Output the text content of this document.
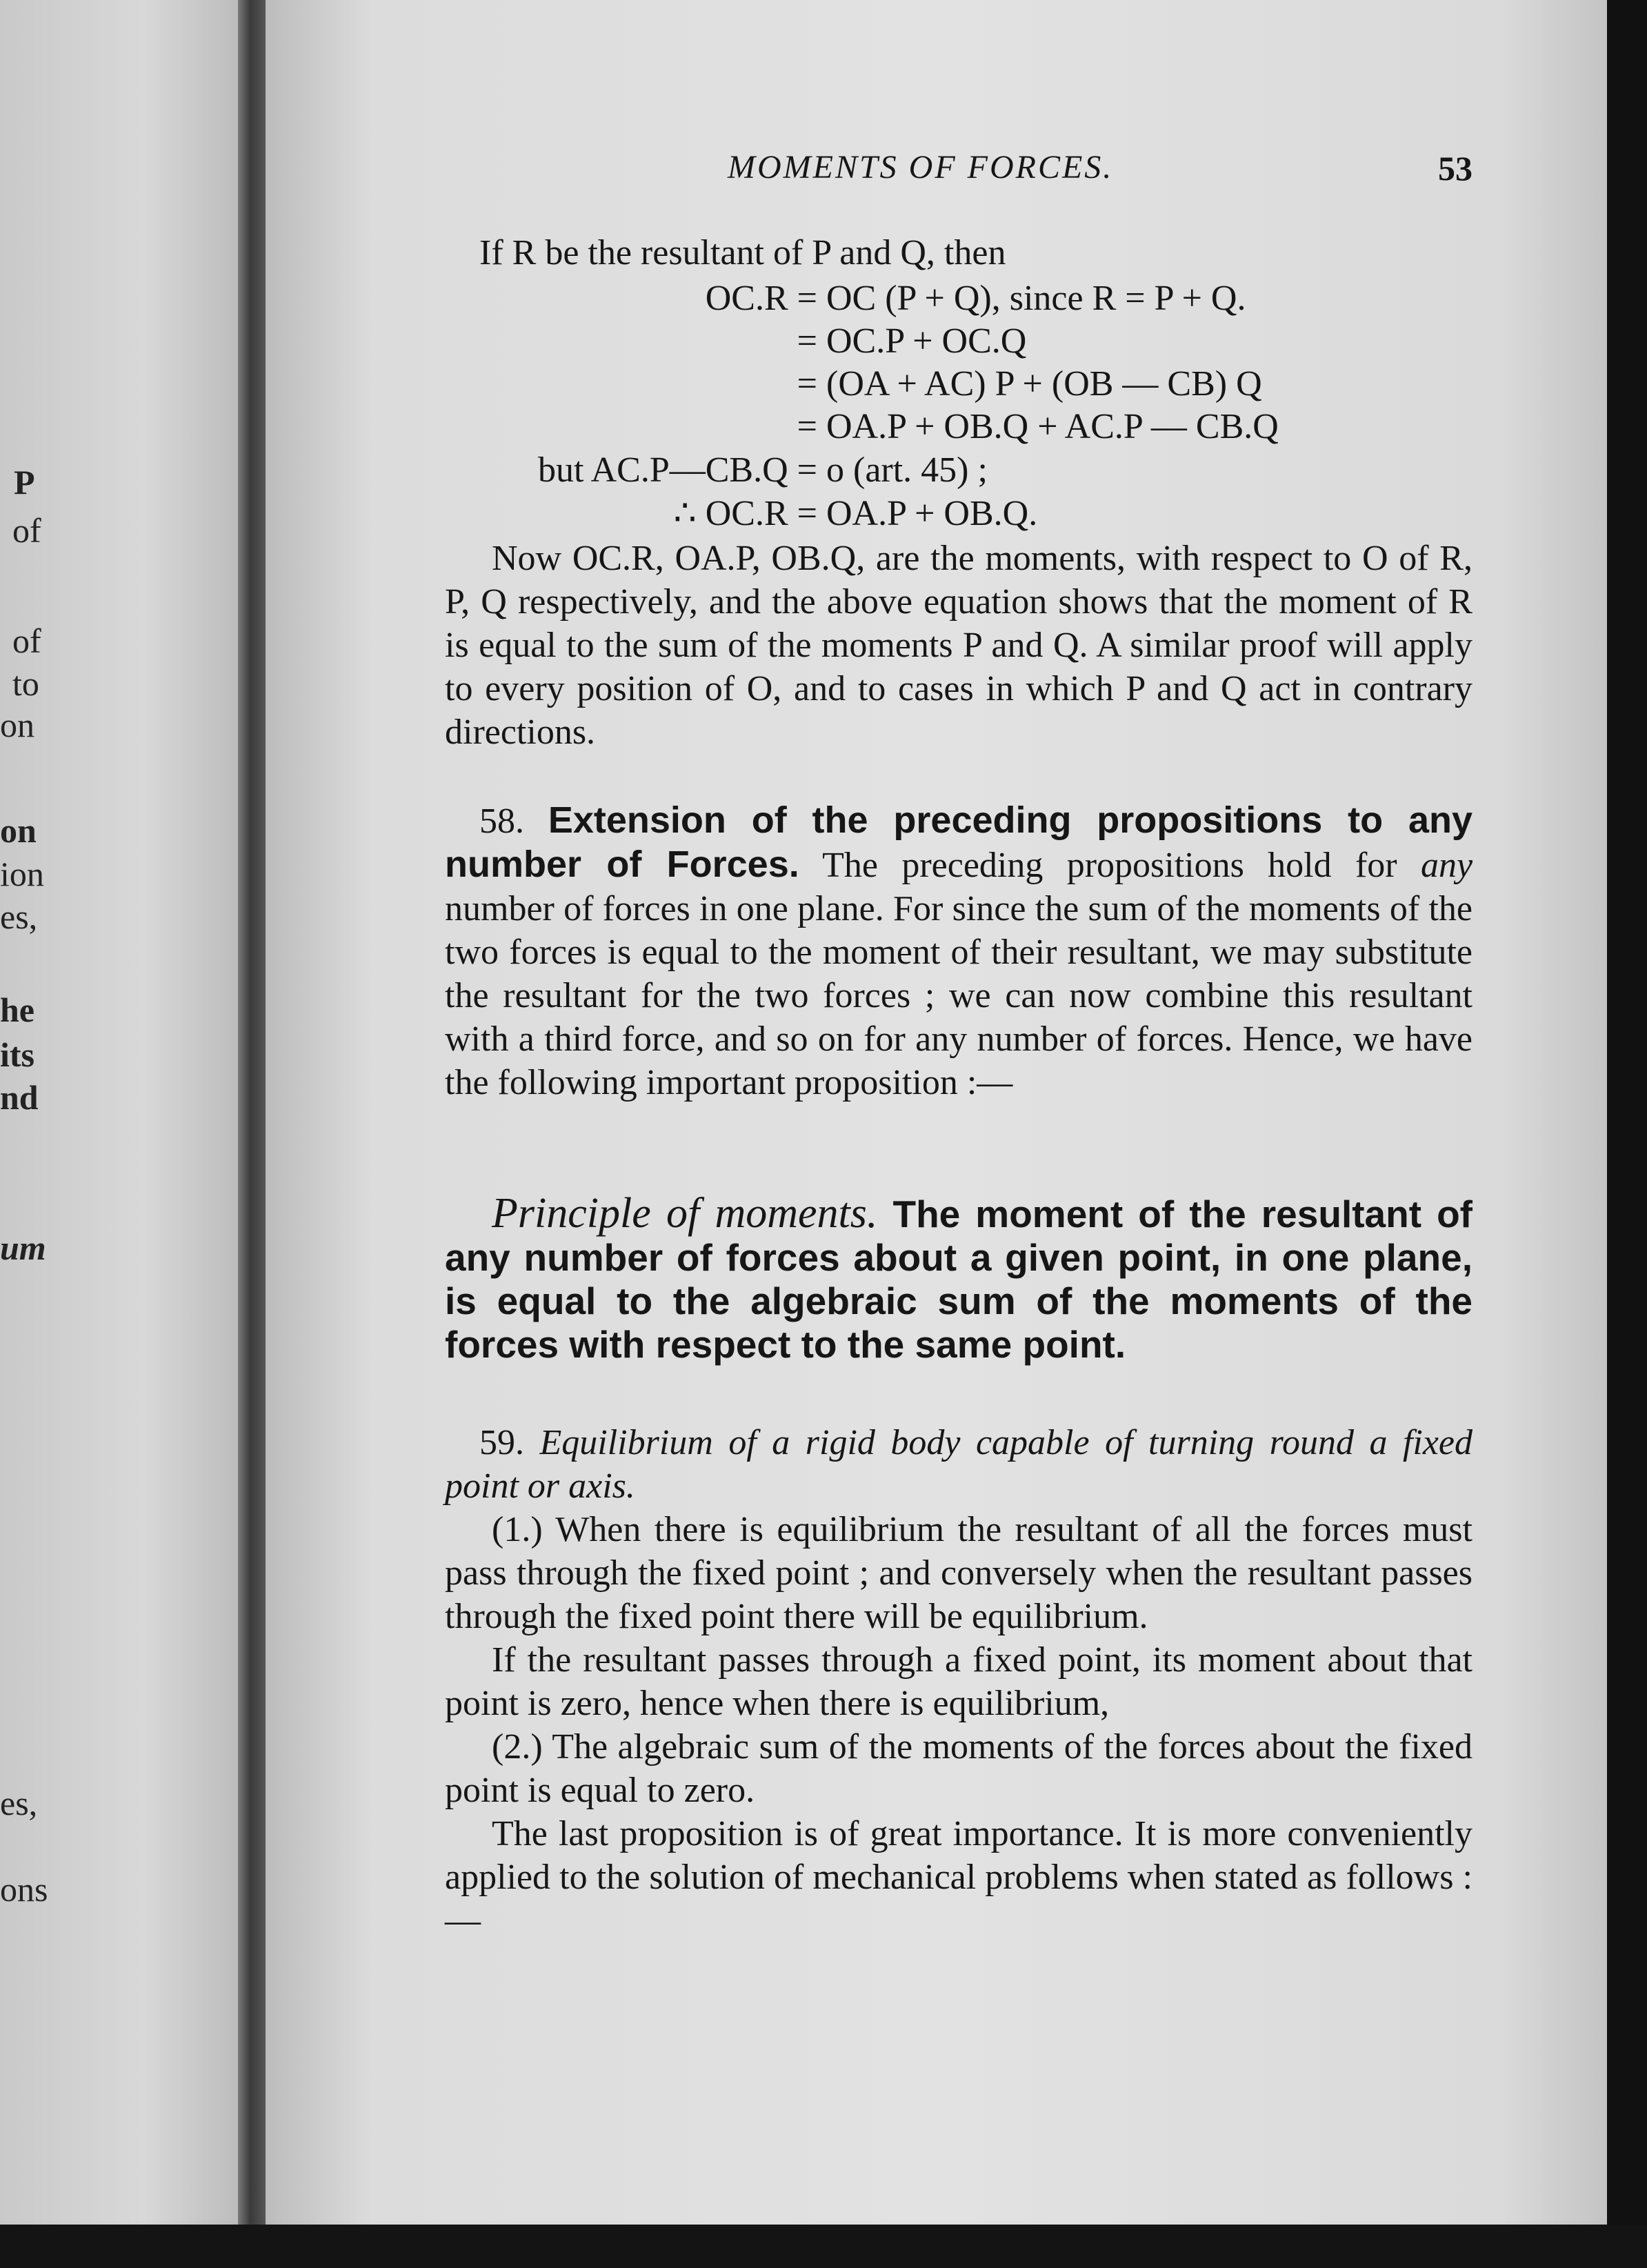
P
of
of
to
on
on
ion
es,
he
its
nd
um
es,
ons
MOMENTS OF FORCES.	53

If R be the resultant of P and Q, then

OC.R = OC (P + Q), since R = P + Q.
= OC.P + OC.Q
= (OA + AC) P + (OB — CB) Q
= OA.P + OB.Q + AC.P — CB.Q
but AC.P—CB.Q = o (art. 45) ;
∴ OC.R = OA.P + OB.Q.

Now OC.R, OA.P, OB.Q, are the moments, with respect to O of R, P, Q respectively, and the above equation shows that the moment of R is equal to the sum of the moments P and Q. A similar proof will apply to every position of O, and to cases in which P and Q act in contrary directions.

58. Extension of the preceding propositions to any number of Forces. The preceding propositions hold for any number of forces in one plane. For since the sum of the moments of the two forces is equal to the moment of their resultant, we may substitute the resultant for the two forces ; we can now combine this resultant with a third force, and so on for any number of forces. Hence, we have the following important proposition :—

Principle of moments. The moment of the resultant of any number of forces about a given point, in one plane, is equal to the algebraic sum of the moments of the forces with respect to the same point.

59. Equilibrium of a rigid body capable of turning round a fixed point or axis.

(1.) When there is equilibrium the resultant of all the forces must pass through the fixed point ; and conversely when the resultant passes through the fixed point there will be equilibrium.

If the resultant passes through a fixed point, its moment about that point is zero, hence when there is equilibrium,

(2.) The algebraic sum of the moments of the forces about the fixed point is equal to zero.

The last proposition is of great importance. It is more conveniently applied to the solution of mechanical problems when stated as follows :—
